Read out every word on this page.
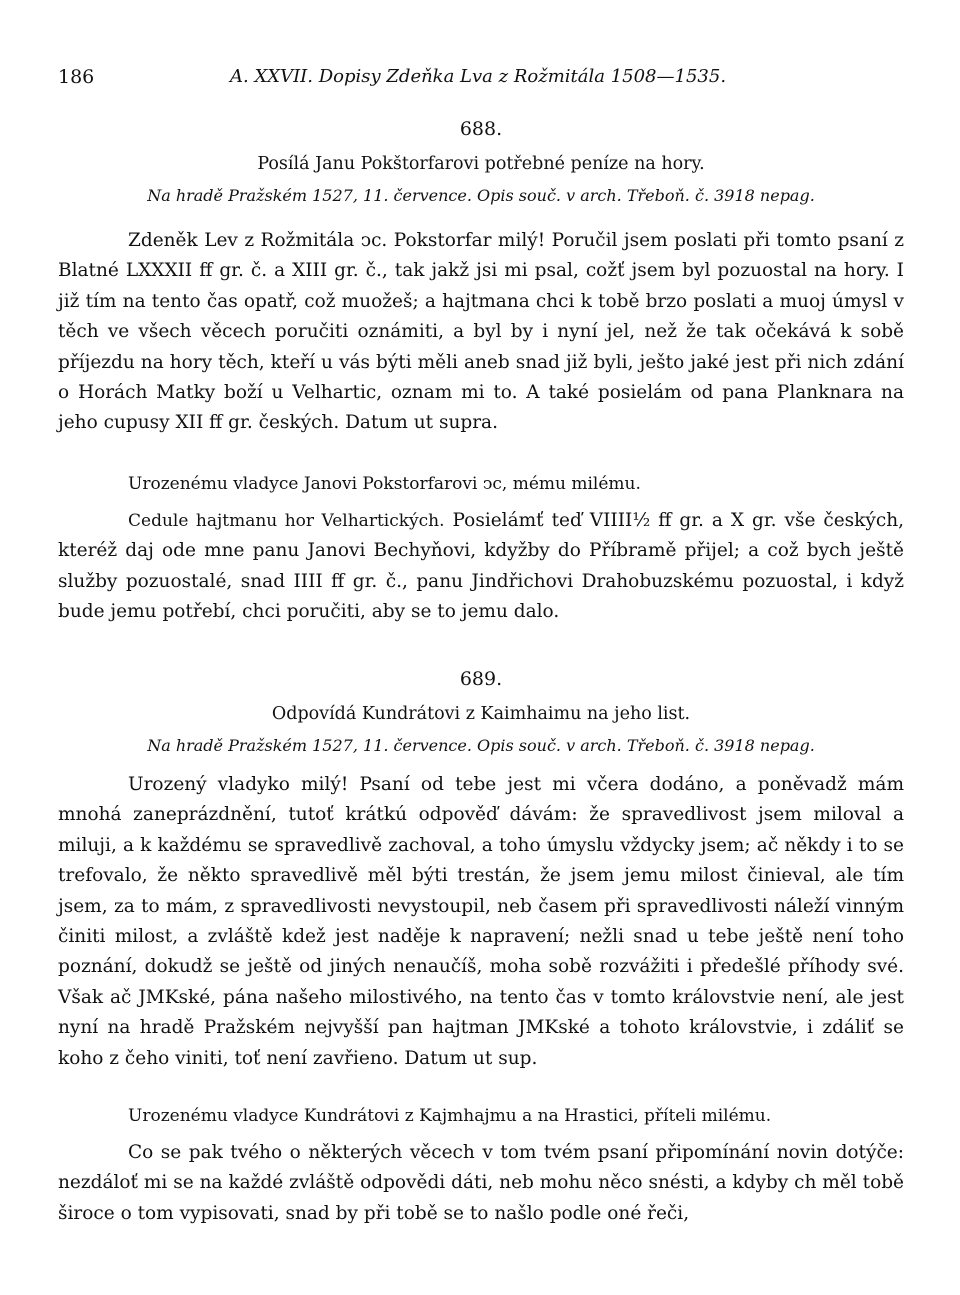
186	A. XXVII. Dopisy Zdeňka Lva z Rožmitála 1508—1535.
688.
Posílá Janu Pokštorfarovi potřebné peníze na hory.
Na hradě Pražském 1527, 11. července. Opis souč. v arch. Třeboň. č. 3918 nepag.

Zdeněk Lev z Rožmitála ↄc. Pokstorfar milý! Poručil jsem poslati při tomto psaní z Blatné LXXXII ff gr. č. a XIII gr. č., tak jakž jsi mi psal, cožť jsem byl pozuostal na hory. I již tím na tento čas opatř, což muožeš; a hajtmana chci k tobě brzo poslati a muoj úmysl v těch ve všech věcech poručiti oznámiti, a byl by i nyní jel, než že tak očekává k sobě příjezdu na hory těch, kteří u vás býti měli aneb snad již byli, ješto jaké jest při nich zdání o Horách Matky boží u Velhartic, oznam mi to. A také posielám od pana Planknara na jeho cupusy XII ff gr. českých. Datum ut supra.

Urozenému vladyce Janovi Pokstorfarovi ↄc, mému milému.

Cedule hajtmanu hor Velhartických. Posielámť teď VIIII½ ff gr. a X gr. vše českých, kteréž daj ode mne panu Janovi Bechyňovi, kdyžby do Příbramě přijel; a což bych ještě služby pozuostalé, snad IIII ff gr. č., panu Jindřichovi Drahobuzskému pozuostal, i když bude jemu potřebí, chci poručiti, aby se to jemu dalo.

689.
Odpovídá Kundrátovi z Kaimhaimu na jeho list.
Na hradě Pražském 1527, 11. července. Opis souč. v arch. Třeboň. č. 3918 nepag.

Urozený vladyko milý! Psaní od tebe jest mi včera dodáno, a poněvadž mám mnohá zaneprázdnění, tutoť krátkú odpověď dávám: že spravedlivost jsem miloval a miluji, a k každému se spravedlivě zachoval, a toho úmyslu vždycky jsem; ač někdy i to se trefovalo, že někto spravedlivě měl býti trestán, že jsem jemu milost činieval, ale tím jsem, za to mám, z spravedlivosti nevystoupil, neb časem při spravedlivosti náleží vinným činiti milost, a zvláště kdež jest naděje k napravení; nežli snad u tebe ještě není toho poznání, dokudž se ještě od jiných nenaučíš, moha sobě rozvážiti i předešlé příhody své. Však ač JMKské, pána našeho milostivého, na tento čas v tomto královstvie není, ale jest nyní na hradě Pražském nejvyšší pan hajtman JMKské a tohoto královstvie, i zdáliť se koho z čeho viniti, toť není zavřieno. Datum ut sup.

Urozenému vladyce Kundrátovi z Kajmhajmu a na Hrastici, příteli milému.

Co se pak tvého o některých věcech v tom tvém psaní připomínání novin dotýče: nezdáloť mi se na každé zvláště odpovědi dáti, neb mohu něco snésti, a kdyby ch měl tobě široce o tom vypisovati, snad by při tobě se to našlo podle oné řeči,
